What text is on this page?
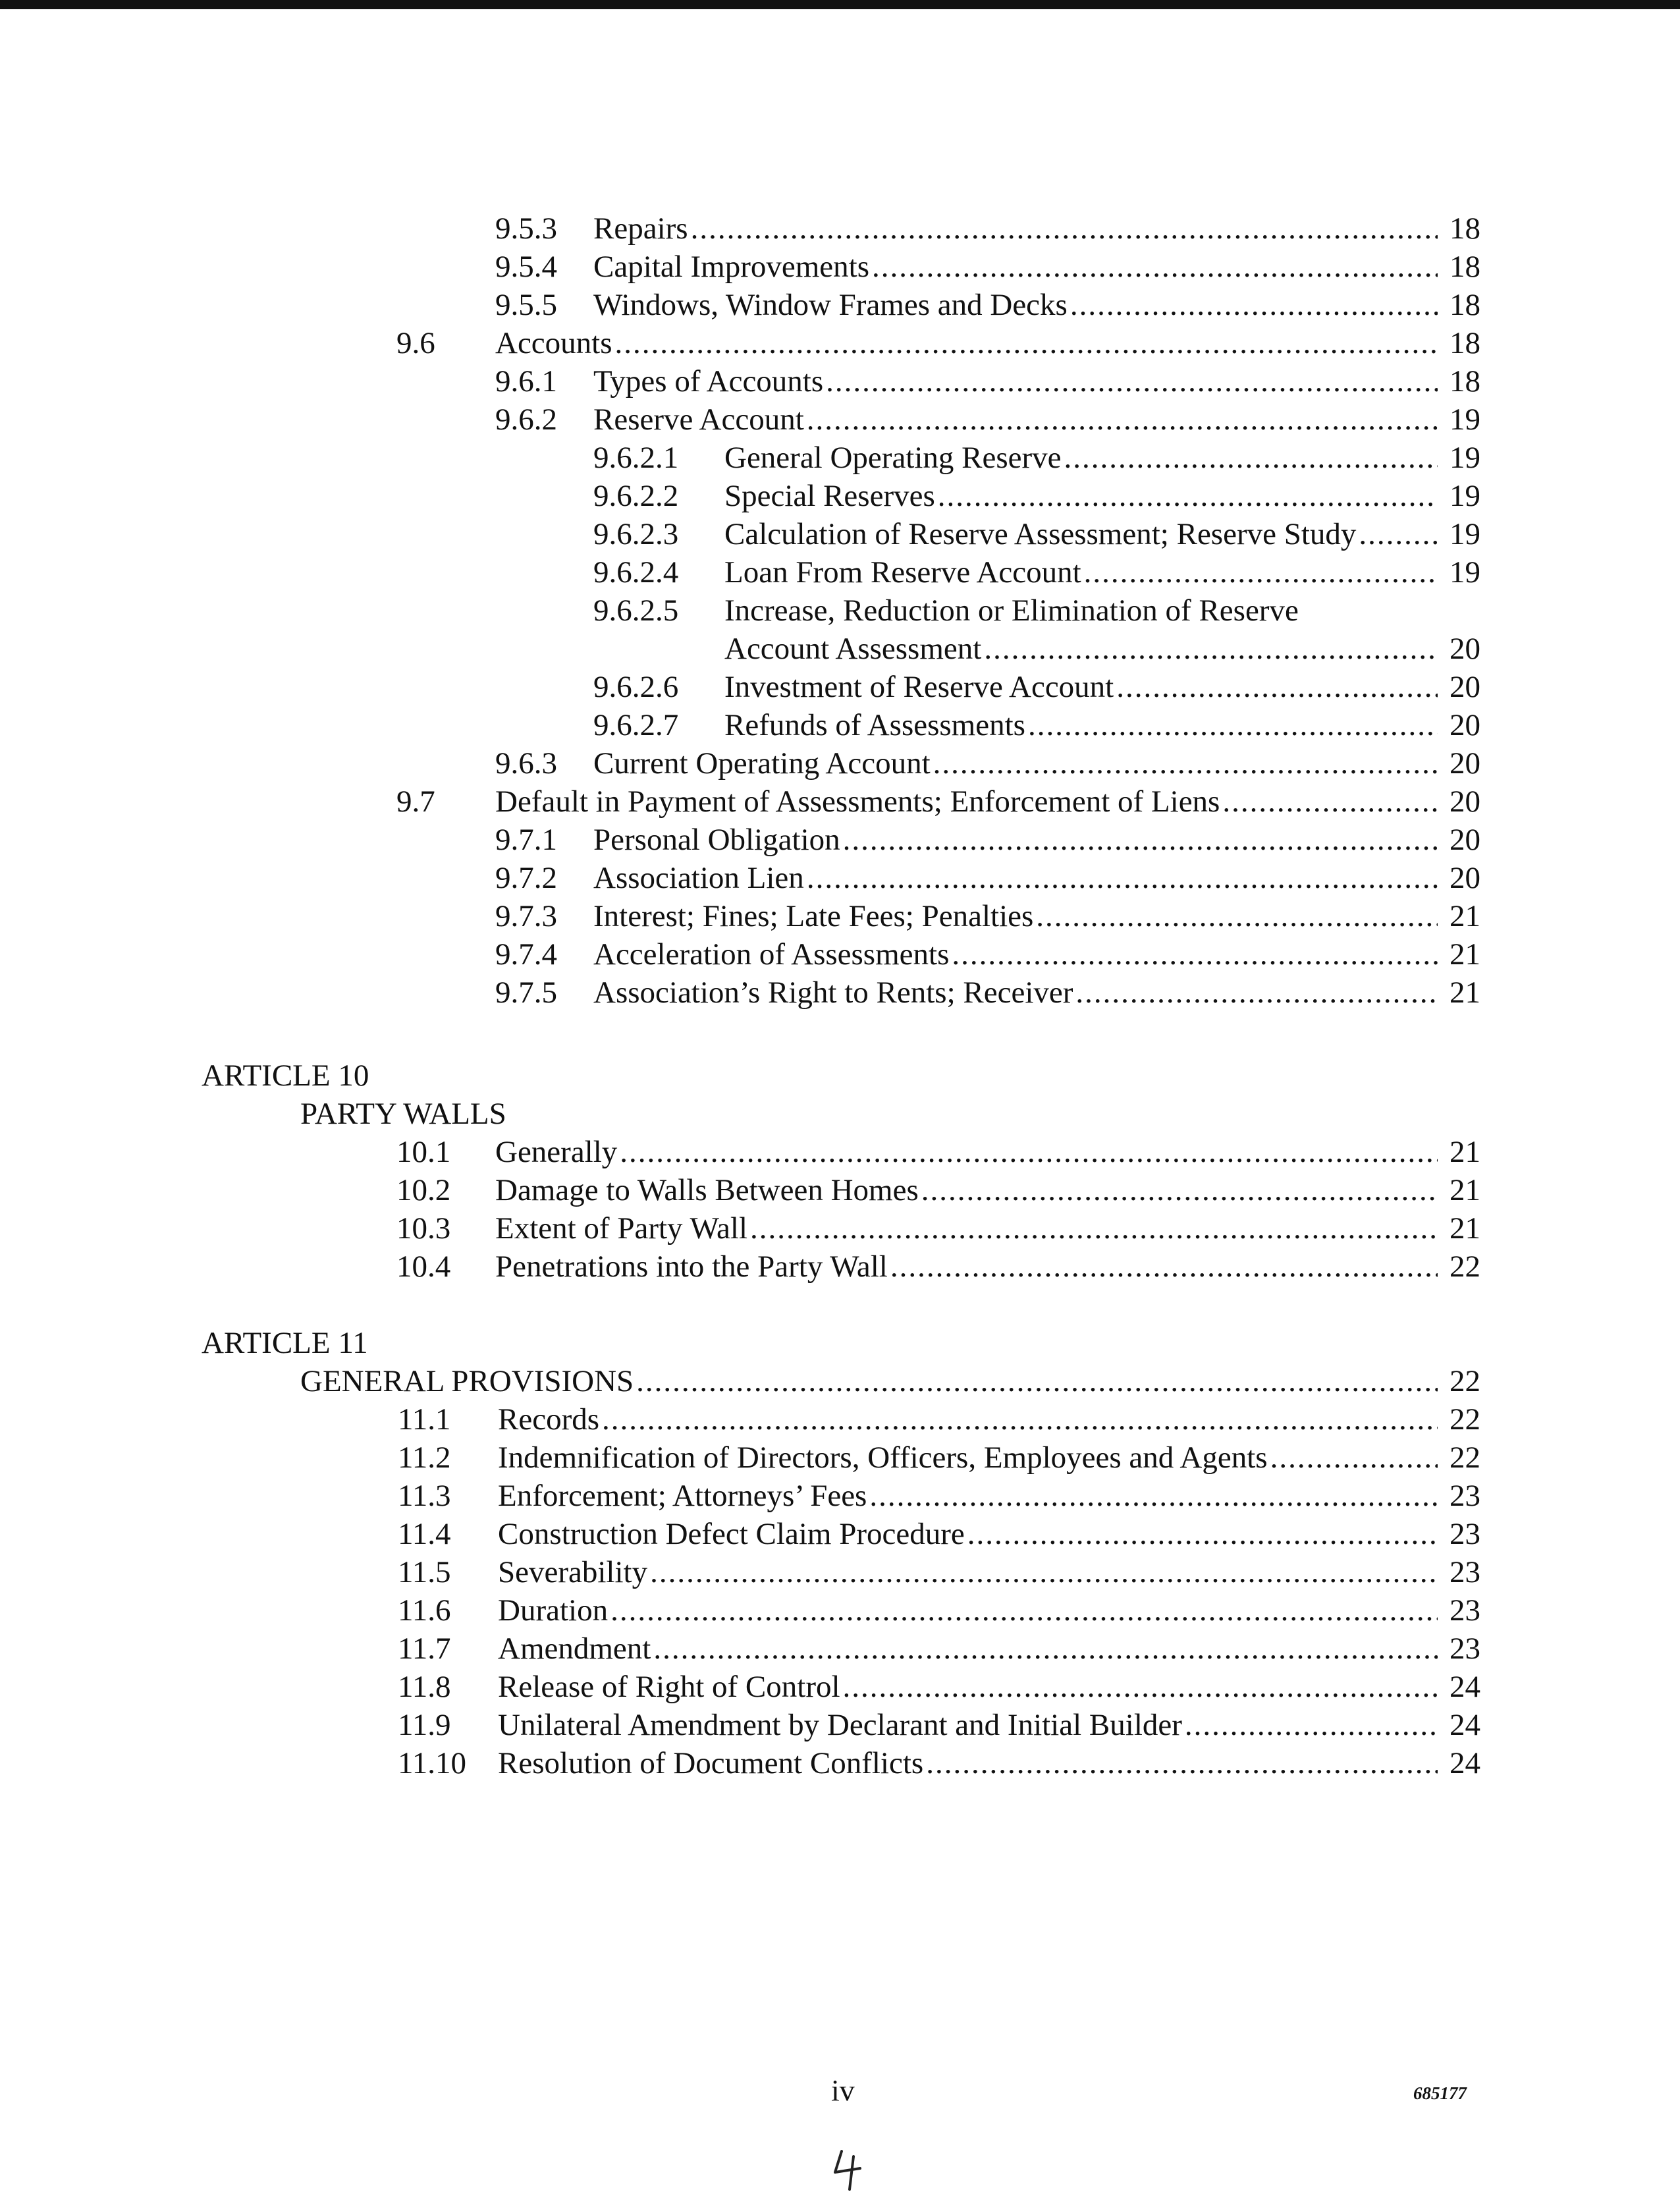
9.5.3 Repairs .....	18
9.5.4 Capital Improvements .....	18
9.5.5 Windows, Window Frames and Decks .....	18
9.6 Accounts .....	18
9.6.1 Types of Accounts .....	18
9.6.2 Reserve Account .....	19
9.6.2.1 General Operating Reserve .....	19
9.6.2.2 Special Reserves .....	19
9.6.2.3 Calculation of Reserve Assessment; Reserve Study .....	19
9.6.2.4 Loan From Reserve Account .....	19
9.6.2.5 Increase, Reduction or Elimination of Reserve
Account Assessment .....	20
9.6.2.6 Investment of Reserve Account .....	20
9.6.2.7 Refunds of Assessments .....	20
9.6.3 Current Operating Account .....	20
9.7 Default in Payment of Assessments; Enforcement of Liens .....	20
9.7.1 Personal Obligation .....	20
9.7.2 Association Lien .....	20
9.7.3 Interest; Fines; Late Fees; Penalties .....	21
9.7.4 Acceleration of Assessments .....	21
9.7.5 Association’s Right to Rents; Receiver .....	21
ARTICLE 10
PARTY WALLS
10.1 Generally .....	21
10.2 Damage to Walls Between Homes .....	21
10.3 Extent of Party Wall .....	21
10.4 Penetrations into the Party Wall .....	22
ARTICLE 11
GENERAL PROVISIONS .....	22
11.1 Records .....	22
11.2 Indemnification of Directors, Officers, Employees and Agents .....	22
11.3 Enforcement; Attorneys’ Fees .....	23
11.4 Construction Defect Claim Procedure .....	23
11.5 Severability .....	23
11.6 Duration .....	23
11.7 Amendment .....	23
11.8 Release of Right of Control .....	24
11.9 Unilateral Amendment by Declarant and Initial Builder .....	24
11.10 Resolution of Document Conflicts .....	24
iv	685177
